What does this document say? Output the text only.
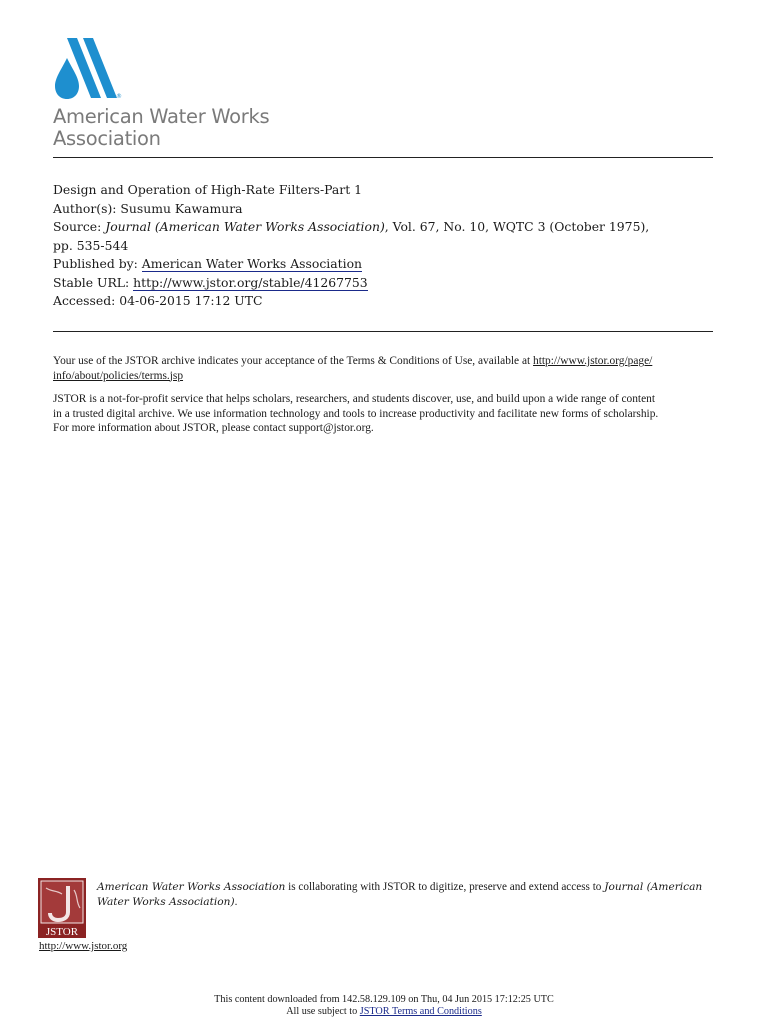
®
American Water Works
Association
Design and Operation of High-Rate Filters-Part 1
Author(s): Susumu Kawamura
Source: Journal (American Water Works Association), Vol. 67, No. 10, WQTC 3 (October 1975),
pp. 535-544
Published by: American Water Works Association
Stable URL: http://www.jstor.org/stable/41267753
Accessed: 04-06-2015 17:12 UTC

Your use of the JSTOR archive indicates your acceptance of the Terms & Conditions of Use, available at http://www.jstor.org/page/ info/about/policies/terms.jsp

JSTOR is a not-for-profit service that helps scholars, researchers, and students discover, use, and build upon a wide range of content
in a trusted digital archive. We use information technology and tools to increase productivity and facilitate new forms of scholarship.
For more information about JSTOR, please contact support@jstor.org.

JSTOR
http://www.jstor.org
American Water Works Association is collaborating with JSTOR to digitize, preserve and extend access to Journal (American Water Works Association).
This content downloaded from 142.58.129.109 on Thu, 04 Jun 2015 17:12:25 UTC
All use subject to JSTOR Terms and Conditions
